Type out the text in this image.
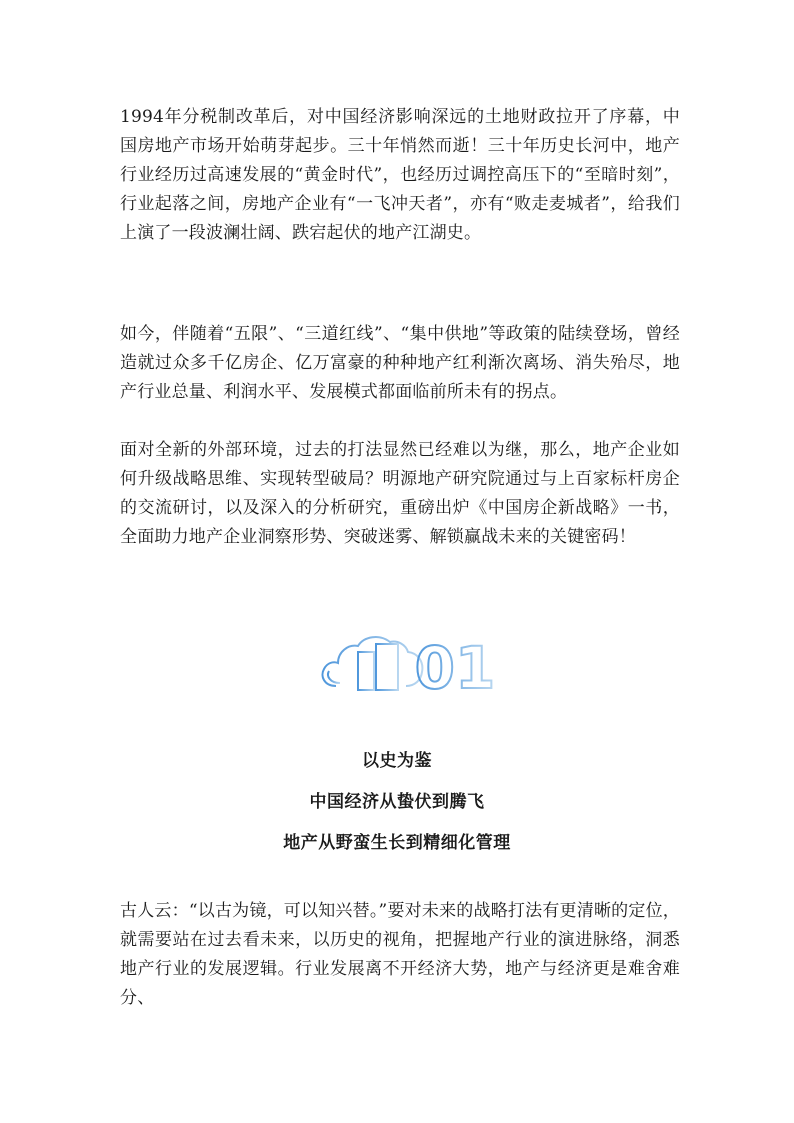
1994年分税制改革后，对中国经济影响深远的土地财政拉开了序幕，中国房地产市场开始萌芽起步。三十年悄然而逝！三十年历史长河中，地产行业经历过高速发展的“黄金时代”，也经历过调控高压下的“至暗时刻”，行业起落之间，房地产企业有“一飞冲天者”，亦有“败走麦城者”，给我们上演了一段波澜壮阔、跌宕起伏的地产江湖史。

如今，伴随着“五限”、“三道红线”、“集中供地”等政策的陆续登场，曾经造就过众多千亿房企、亿万富豪的种种地产红利渐次离场、消失殆尽，地产行业总量、利润水平、发展模式都面临前所未有的拐点。

面对全新的外部环境，过去的打法显然已经难以为继，那么，地产企业如何升级战略思维、实现转型破局？明源地产研究院通过与上百家标杆房企的交流研讨，以及深入的分析研究，重磅出炉《中国房企新战略》一书，全面助力地产企业洞察形势、突破迷雾、解锁赢战未来的关键密码！

01
以史为鉴
中国经济从蛰伏到腾飞
地产从野蛮生长到精细化管理

古人云：“以古为镜，可以知兴替。”要对未来的战略打法有更清晰的定位，就需要站在过去看未来，以历史的视角，把握地产行业的演进脉络，洞悉地产行业的发展逻辑。行业发展离不开经济大势，地产与经济更是难舍难分、
